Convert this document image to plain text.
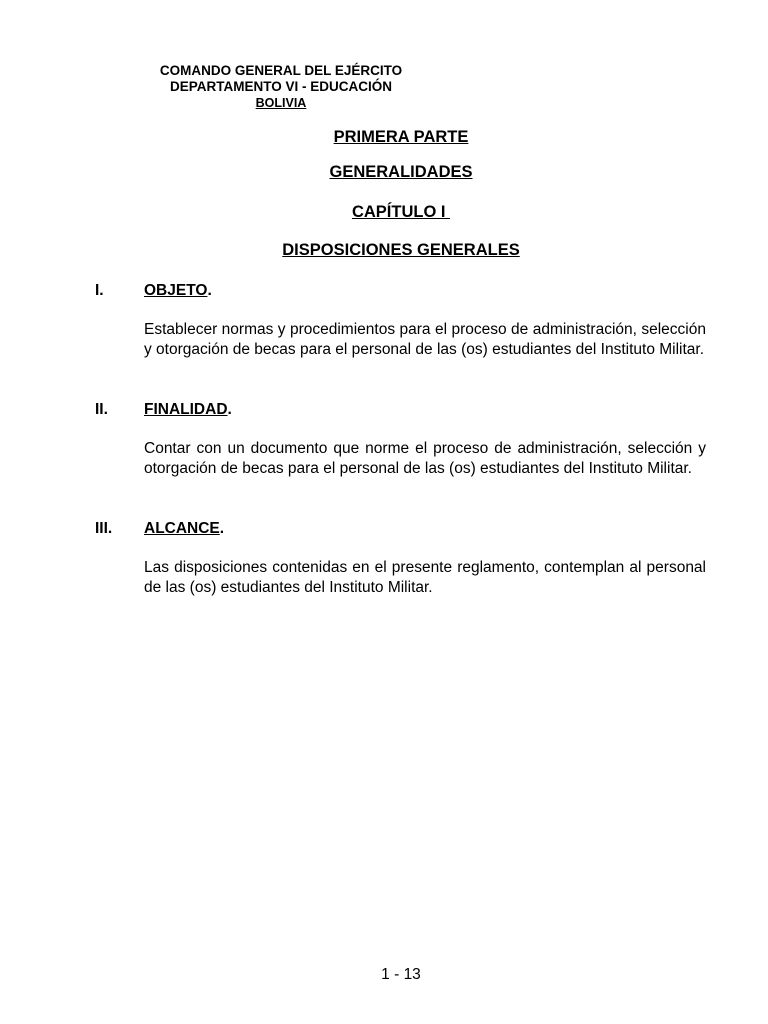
COMANDO GENERAL DEL EJÉRCITO
DEPARTAMENTO VI - EDUCACIÓN
BOLIVIA
PRIMERA PARTE
GENERALIDADES
CAPÍTULO I
DISPOSICIONES GENERALES
I.	OBJETO.
Establecer normas y procedimientos para el proceso de administración, selección y otorgación de becas para el personal de las (os) estudiantes del Instituto Militar.
II.	FINALIDAD.
Contar con un documento que norme el proceso de administración, selección y otorgación de becas para el personal de las (os) estudiantes del Instituto Militar.
III.	ALCANCE.
Las disposiciones contenidas en el presente reglamento, contemplan al personal de las (os) estudiantes del Instituto Militar.
1 - 13
